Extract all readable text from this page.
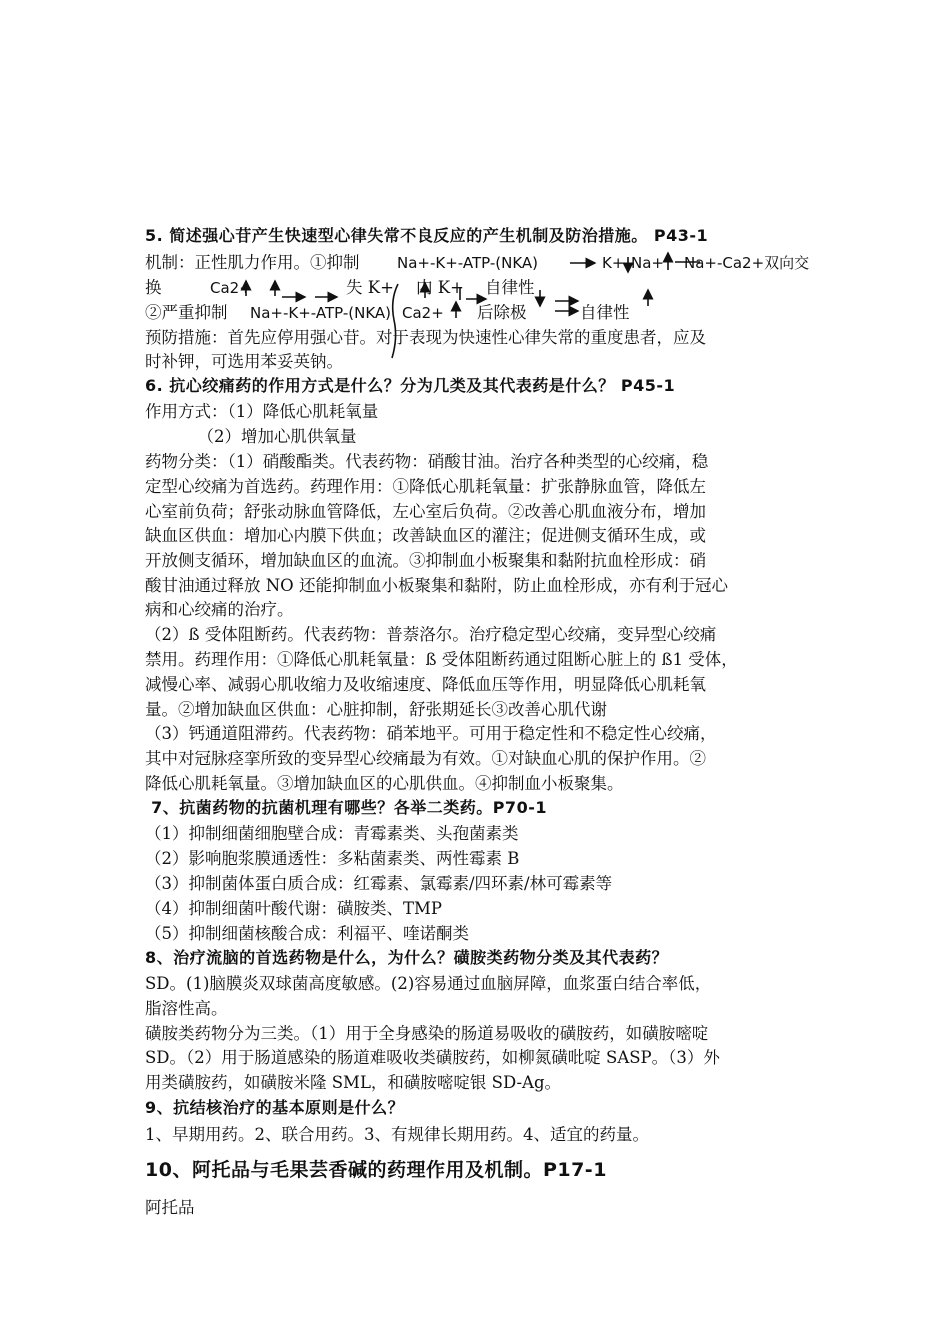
5. 简述强心苷产生快速型心律失常不良反应的产生机制及防治措施。 P43-1
机制：正性肌力作用。①抑制	Na+-K+-ATP-(NKA)	K+ Na+ Na+-Ca2+双向交
换	Ca2+	失 K+ 内 K+ 自律性
②严重抑制 Na+-K+-ATP-(NKA) Ca2+ 后除极	自律性
预防措施：首先应停用强心苷。对于表现为快速性心律失常的重度患者，应及
时补钾，可选用苯妥英钠。
6. 抗心绞痛药的作用方式是什么？分为几类及其代表药是什么？ P45-1
作用方式：（1）降低心肌耗氧量
（2）增加心肌供氧量
药物分类：（1）硝酸酯类。代表药物：硝酸甘油。治疗各种类型的心绞痛，稳
定型心绞痛为首选药。药理作用：①降低心肌耗氧量：扩张静脉血管，降低左
心室前负荷；舒张动脉血管降低，左心室后负荷。②改善心肌血液分布，增加
缺血区供血：增加心内膜下供血；改善缺血区的灌注；促进侧支循环生成，或
开放侧支循环，增加缺血区的血流。③抑制血小板聚集和黏附抗血栓形成：硝
酸甘油通过释放 NO 还能抑制血小板聚集和黏附，防止血栓形成，亦有利于冠心
病和心绞痛的治疗。
（2）ß 受体阻断药。代表药物：普萘洛尔。治疗稳定型心绞痛，变异型心绞痛
禁用。药理作用：①降低心肌耗氧量：ß 受体阻断药通过阻断心脏上的 ß1 受体，
减慢心率、减弱心肌收缩力及收缩速度、降低血压等作用，明显降低心肌耗氧
量。②增加缺血区供血：心脏抑制，舒张期延长③改善心肌代谢
（3）钙通道阻滞药。代表药物：硝苯地平。可用于稳定性和不稳定性心绞痛，
其中对冠脉痉挛所致的变异型心绞痛最为有效。①对缺血心肌的保护作用。②
降低心肌耗氧量。③增加缺血区的心肌供血。④抑制血小板聚集。
7、抗菌药物的抗菌机理有哪些？各举二类药。P70-1
（1）抑制细菌细胞壁合成：青霉素类、头孢菌素类
（2）影响胞浆膜通透性：多粘菌素类、两性霉素 B
（3）抑制菌体蛋白质合成：红霉素、氯霉素/四环素/林可霉素等
（4）抑制细菌叶酸代谢：磺胺类、TMP
（5）抑制细菌核酸合成：利福平、喹诺酮类
8、治疗流脑的首选药物是什么，为什么？磺胺类药物分类及其代表药？
SD。(1)脑膜炎双球菌高度敏感。(2)容易通过血脑屏障，血浆蛋白结合率低，
脂溶性高。
磺胺类药物分为三类。（1）用于全身感染的肠道易吸收的磺胺药，如磺胺嘧啶
SD。（2）用于肠道感染的肠道难吸收类磺胺药，如柳氮磺吡啶 SASP。（3）外
用类磺胺药，如磺胺米隆 SML，和磺胺嘧啶银 SD-Ag。
9、抗结核治疗的基本原则是什么？
1、早期用药。2、联合用药。3、有规律长期用药。4、适宜的药量。
10、阿托品与毛果芸香碱的药理作用及机制。P17-1
阿托品
